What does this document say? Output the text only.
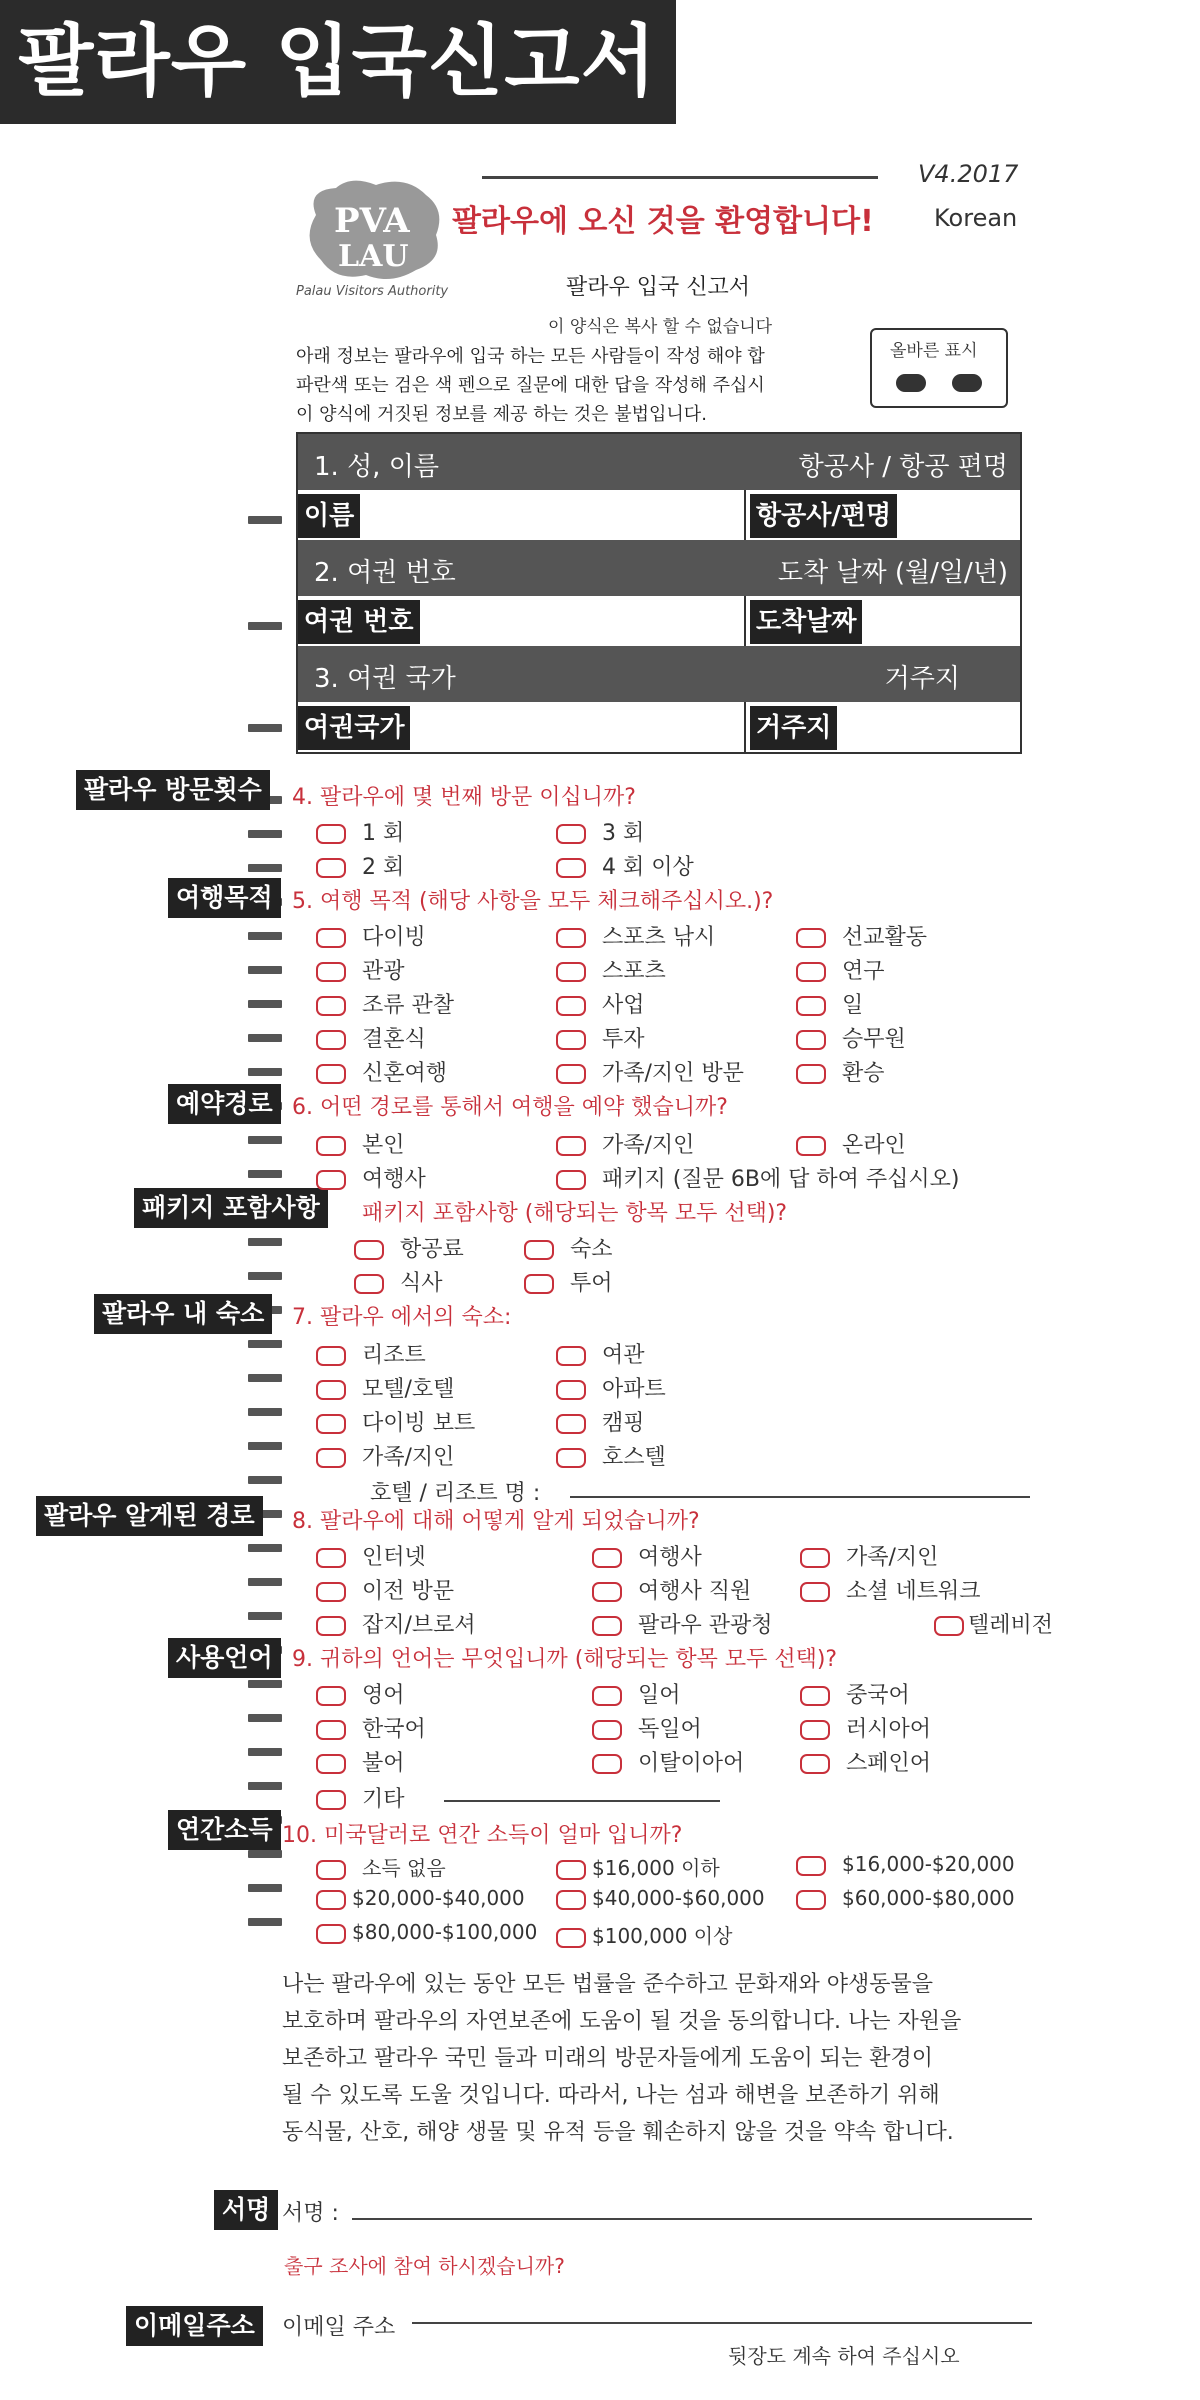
팔라우 입국신고서
V4.2017
Korean
PVA
LAU
Palau Visitors Authority
팔라우에 오신 것을 환영합니다!
팔라우 입국 신고서
이 양식은 복사 할 수 없습니다
아래 정보는 팔라우에 입국 하는 모든 사람들이 작성 해야 합
파란색 또는 검은 색 펜으로 질문에 대한 답을 작성해 주십시
이 양식에 거짓된 정보를 제공 하는 것은 불법입니다.
올바른 표시
1. 성, 이름	항공사 / 항공 편명
이름	항공사/편명
2. 여권 번호	도착 날짜 (월/일/년)
여권 번호	도착날짜
3. 여권 국가	거주지
여권국가	거주지
팔라우 방문횟수
여행목적
예약경로
패키지 포함사항
팔라우 내 숙소
팔라우 알게된 경로
사용언어
연간소득
서명
이메일주소
4. 팔라우에 몇 번째 방문 이십니까?
1 회	3 회
2 회	4 회 이상
5. 여행 목적 (해당 사항을 모두 체크해주십시오.)?
다이빙	스포츠 낚시	선교활동
관광	스포츠	연구
조류 관찰	사업	일
결혼식	투자	승무원
신혼여행	가족/지인 방문	환승
6. 어떤 경로를 통해서 여행을 예약 했습니까?
본인	가족/지인	온라인
여행사	패키지 (질문 6B에 답 하여 주십시오)
패키지 포함사항 (해당되는 항목 모두 선택)?
항공료	숙소
식사	투어
7. 팔라우 에서의 숙소:
리조트	여관
모텔/호텔	아파트
다이빙 보트	캠핑
가족/지인	호스텔
호텔 / 리조트 명 :
8. 팔라우에 대해 어떻게 알게 되었습니까?
인터넷	여행사	가족/지인
이전 방문	여행사 직원	소셜 네트워크
잡지/브로셔	팔라우 관광청	텔레비전
9. 귀하의 언어는 무엇입니까 (해당되는 항목 모두 선택)?
영어	일어	중국어
한국어	독일어	러시아어
불어	이탈이아어	스페인어
기타
10. 미국달러로 연간 소득이 얼마 입니까?
소득 없음	$16,000 이하	$16,000-$20,000
$20,000-$40,000	$40,000-$60,000	$60,000-$80,000
$80,000-$100,000	$100,000 이상
나는 팔라우에 있는 동안 모든 법률을 준수하고 문화재와 야생동물을
보호하며 팔라우의 자연보존에 도움이 될 것을 동의합니다. 나는 자원을
보존하고 팔라우 국민 들과 미래의 방문자들에게 도움이 되는 환경이
될 수 있도록 도울 것입니다. 따라서, 나는 섬과 해변을 보존하기 위해
동식물, 산호, 해양 생물 및 유적 등을 훼손하지 않을 것을 약속 합니다.
서명 :
출구 조사에 참여 하시겠습니까?
이메일 주소
뒷장도 계속 하여 주십시오
